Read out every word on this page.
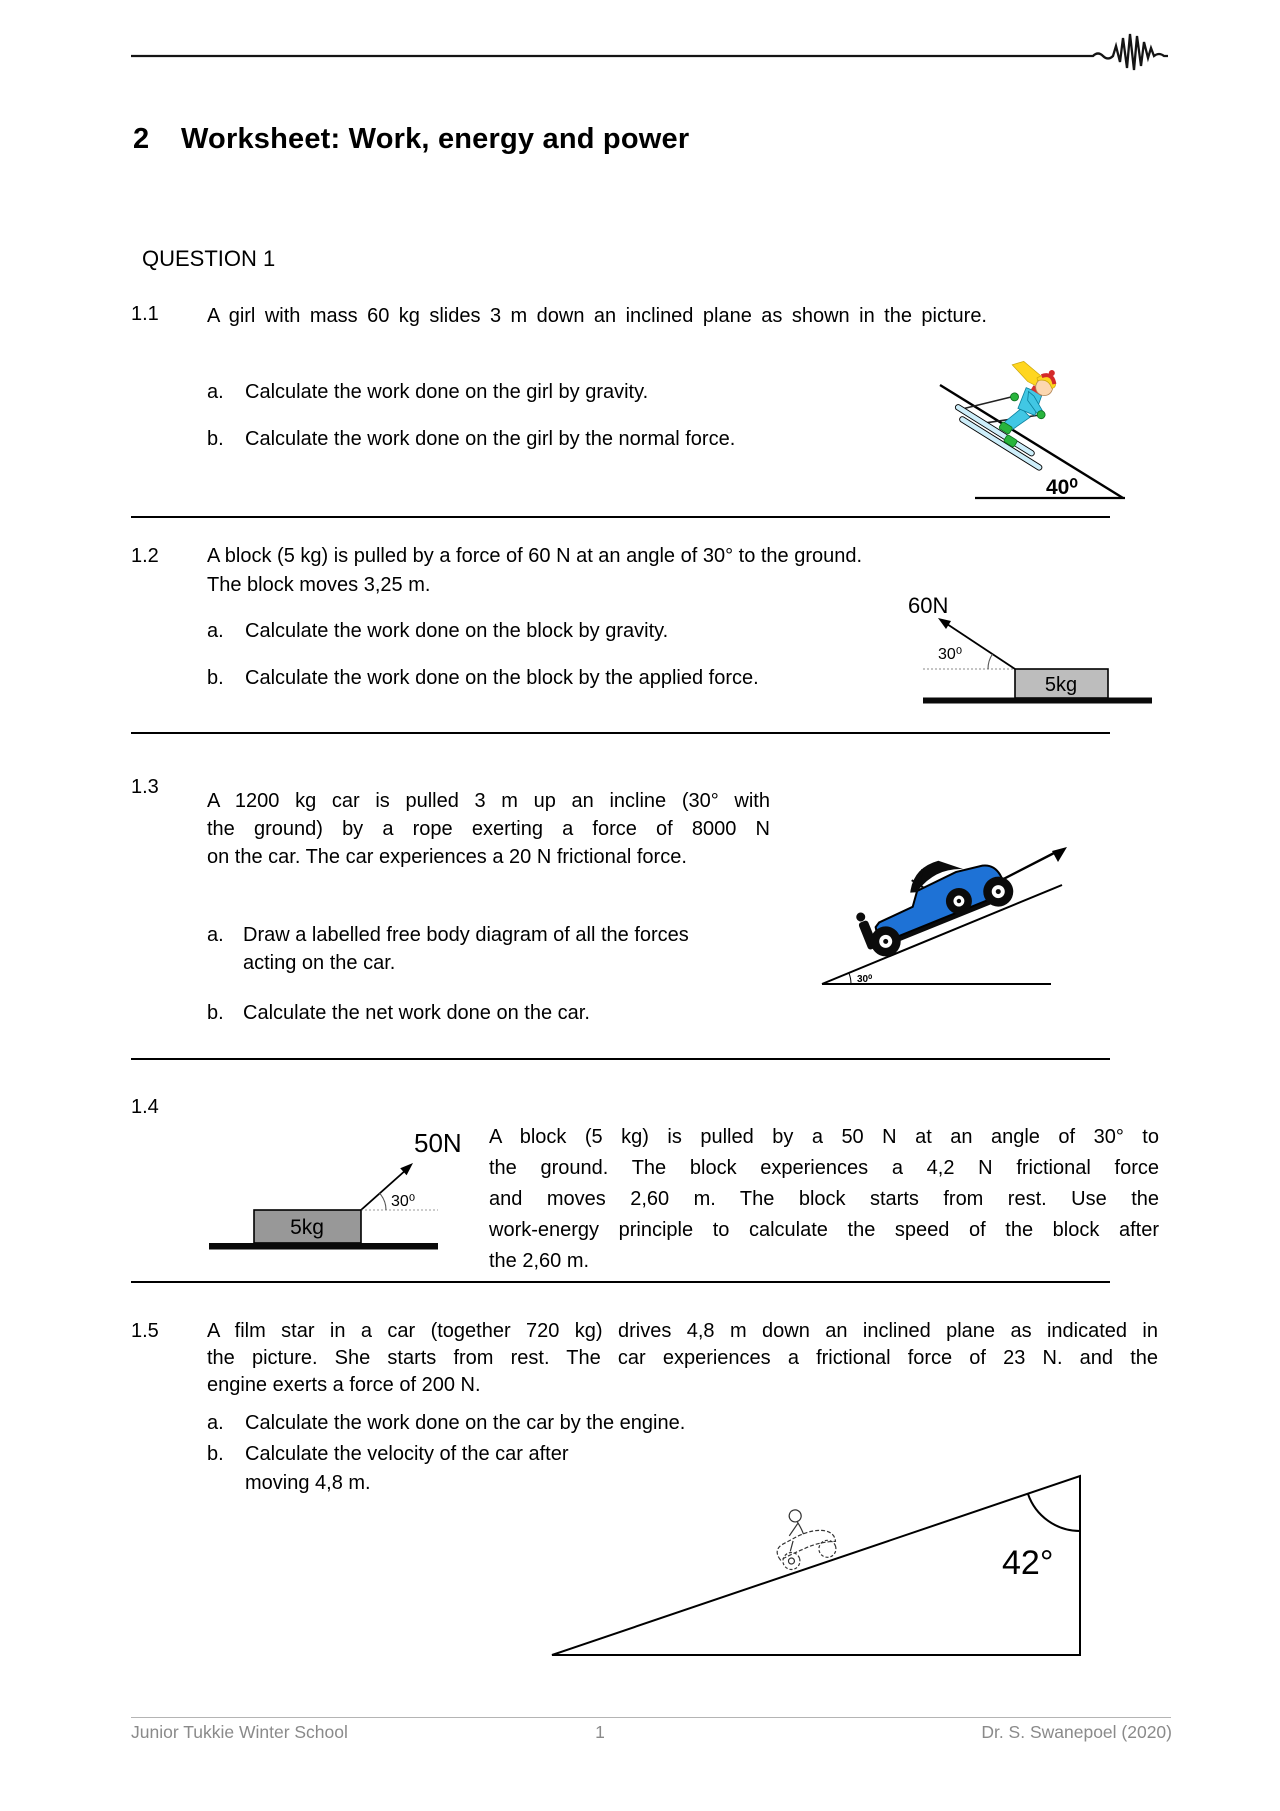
2 Worksheet: Work, energy and power
QUESTION 1
1.1 A girl with mass 60 kg slides 3 m down an inclined plane as shown in the picture.
a. Calculate the work done on the girl by gravity.
b. Calculate the work done on the girl by the normal force.
40⁰
1.2 A block (5 kg) is pulled by a force of 60 N at an angle of 30° to the ground.
The block moves 3,25 m.
a. Calculate the work done on the block by gravity.
b. Calculate the work done on the block by the applied force.
60N
30⁰
5kg
1.3
A 1200 kg car is pulled 3 m up an incline (30° with
the ground) by a rope exerting a force of 8000 N
on the car. The car experiences a 20 N frictional force.
a. Draw a labelled free body diagram of all the forces
acting on the car.
b. Calculate the net work done on the car.
30⁰
1.4
50N
30⁰
5kg
A block (5 kg) is pulled by a 50 N at an angle of 30° to
the ground. The block experiences a 4,2 N frictional force
and moves 2,60 m. The block starts from rest. Use the
work-energy principle to calculate the speed of the block after
the 2,60 m.
1.5 A film star in a car (together 720 kg) drives 4,8 m down an inclined plane as indicated in
the picture. She starts from rest. The car experiences a frictional force of 23 N. and the
engine exerts a force of 200 N.
a. Calculate the work done on the car by the engine.
b. Calculate the velocity of the car after
moving 4,8 m.
42°
Junior Tukkie Winter School	1	Dr. S. Swanepoel (2020)
